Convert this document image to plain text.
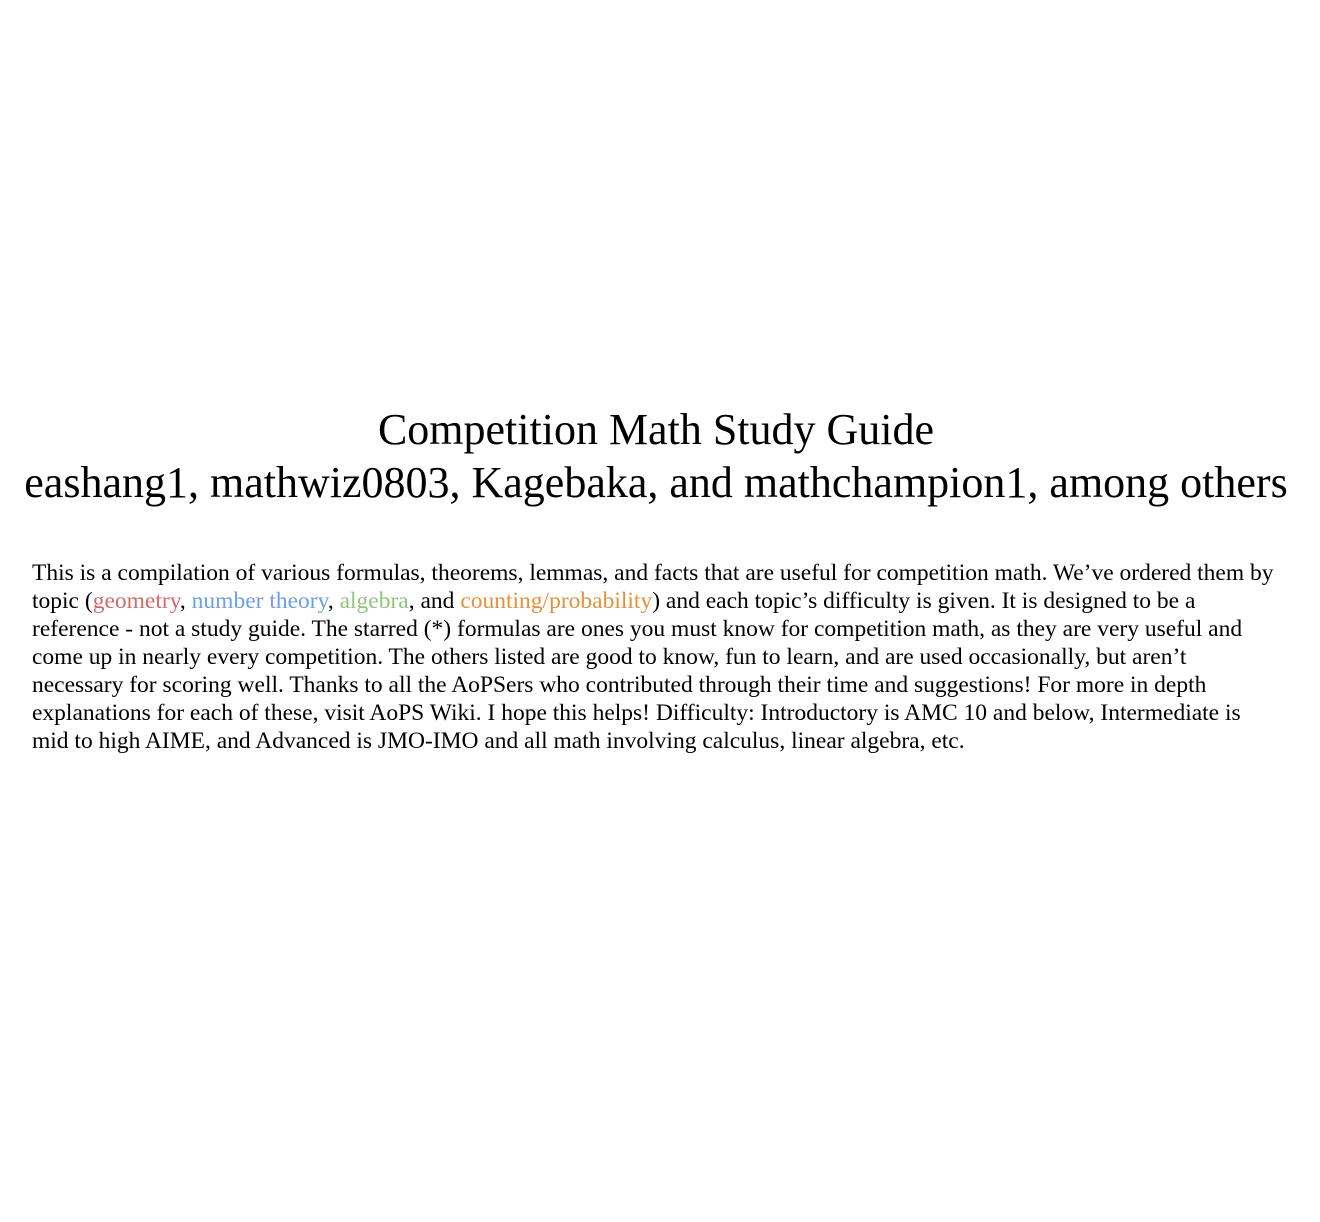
Competition Math Study Guide
eashang1, mathwiz0803, Kagebaka, and mathchampion1, among others

This is a compilation of various formulas, theorems, lemmas, and facts that are useful for competition math. We’ve ordered them by topic (geometry, number theory, algebra, and counting/probability) and each topic’s difficulty is given. It is designed to be a reference - not a study guide. The starred (*) formulas are ones you must know for competition math, as they are very useful and come up in nearly every competition. The others listed are good to know, fun to learn, and are used occasionally, but aren’t necessary for scoring well. Thanks to all the AoPSers who contributed through their time and suggestions! For more in depth explanations for each of these, visit AoPS Wiki. I hope this helps! Difficulty: Introductory is AMC 10 and below, Intermediate is mid to high AIME, and Advanced is JMO-IMO and all math involving calculus, linear algebra, etc.
